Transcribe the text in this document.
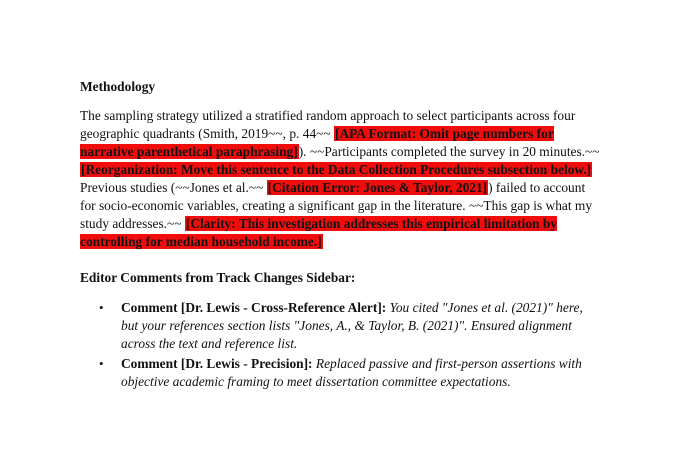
Methodology

The sampling strategy utilized a stratified random approach to select participants across four geographic quadrants (Smith, 2019~~, p. 44~~ [APA Format: Omit page numbers for narrative parenthetical paraphrasing]). ~~Participants completed the survey in 20 minutes.~~ [Reorganization: Move this sentence to the Data Collection Procedures subsection below.] Previous studies (~~Jones et al.~~ [Citation Error: Jones & Taylor, 2021]) failed to account for socio-economic variables, creating a significant gap in the literature. ~~This gap is what my study addresses.~~ [Clarity: This investigation addresses this empirical limitation by controlling for median household income.]

Editor Comments from Track Changes Sidebar:
• Comment [Dr. Lewis - Cross-Reference Alert]: You cited "Jones et al. (2021)" here, but your references section lists "Jones, A., & Taylor, B. (2021)". Ensured alignment across the text and reference list.
• Comment [Dr. Lewis - Precision]: Replaced passive and first-person assertions with objective academic framing to meet dissertation committee expectations.
